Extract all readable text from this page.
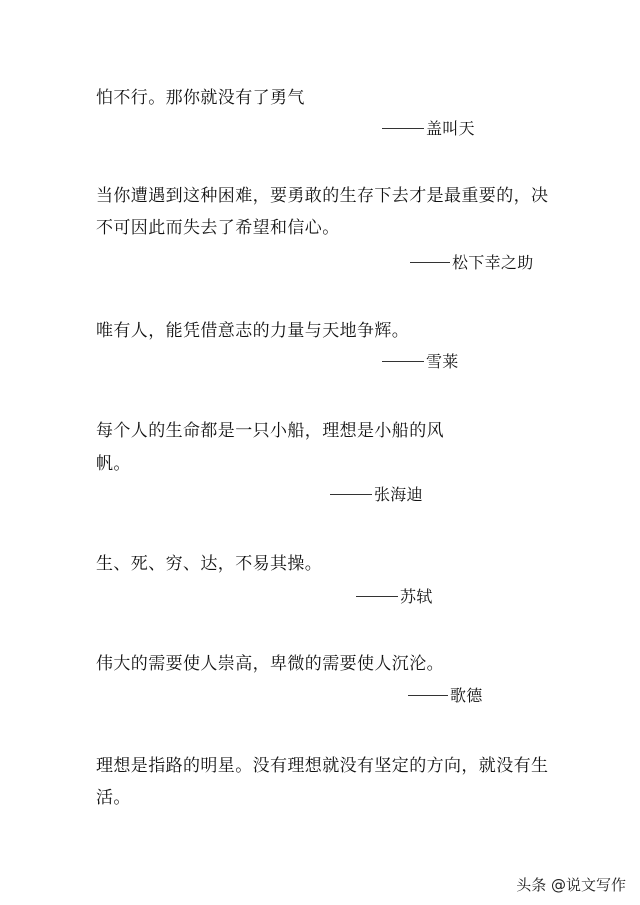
怕不行。那你就没有了勇气
盖叫天
当你遭遇到这种困难，要勇敢的生存下去才是最重要的，决
不可因此而失去了希望和信心。
松下幸之助
唯有人，能凭借意志的力量与天地争辉。
雪莱
每个人的生命都是一只小船，理想是小船的风
帆。
张海迪
生、死、穷、达，不易其操。
苏轼
伟大的需要使人崇高，卑微的需要使人沉沦。
歌德
理想是指路的明星。没有理想就没有坚定的方向，就没有生
活。
头条 @说文写作
